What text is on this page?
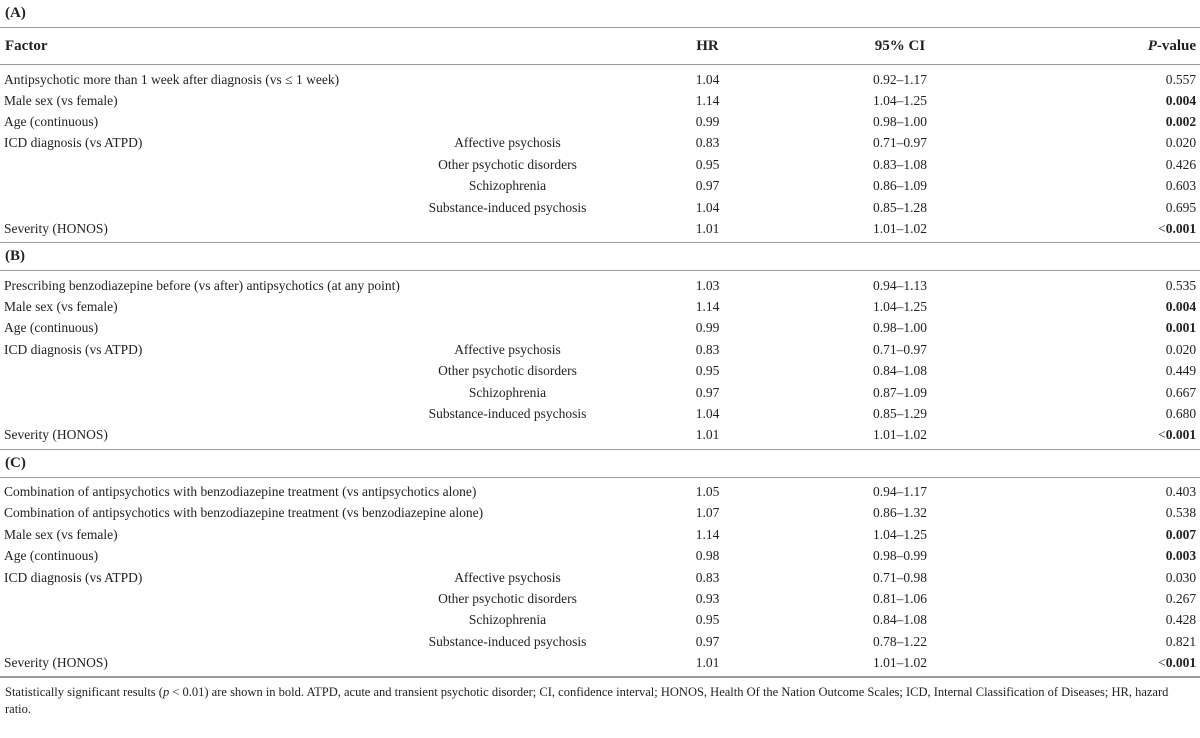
(A)				
Factor		HR	95% CI	P-value
Antipsychotic more than 1 week after diagnosis (vs ≤ 1 week)		1.04	0.92–1.17	0.557
Male sex (vs female)		1.14	1.04–1.25	0.004
Age (continuous)		0.99	0.98–1.00	0.002
ICD diagnosis (vs ATPD)	Affective psychosis	0.83	0.71–0.97	0.020
	Other psychotic disorders	0.95	0.83–1.08	0.426
	Schizophrenia	0.97	0.86–1.09	0.603
	Substance-induced psychosis	1.04	0.85–1.28	0.695
Severity (HONOS)		1.01	1.01–1.02	<0.001
(B)				
Prescribing benzodiazepine before (vs after) antipsychotics (at any point)		1.03	0.94–1.13	0.535
Male sex (vs female)		1.14	1.04–1.25	0.004
Age (continuous)		0.99	0.98–1.00	0.001
ICD diagnosis (vs ATPD)	Affective psychosis	0.83	0.71–0.97	0.020
	Other psychotic disorders	0.95	0.84–1.08	0.449
	Schizophrenia	0.97	0.87–1.09	0.667
	Substance-induced psychosis	1.04	0.85–1.29	0.680
Severity (HONOS)		1.01	1.01–1.02	<0.001
(C)				
Combination of antipsychotics with benzodiazepine treatment (vs antipsychotics alone)		1.05	0.94–1.17	0.403
Combination of antipsychotics with benzodiazepine treatment (vs benzodiazepine alone)		1.07	0.86–1.32	0.538
Male sex (vs female)		1.14	1.04–1.25	0.007
Age (continuous)		0.98	0.98–0.99	0.003
ICD diagnosis (vs ATPD)	Affective psychosis	0.83	0.71–0.98	0.030
	Other psychotic disorders	0.93	0.81–1.06	0.267
	Schizophrenia	0.95	0.84–1.08	0.428
	Substance-induced psychosis	0.97	0.78–1.22	0.821
Severity (HONOS)		1.01	1.01–1.02	<0.001
Statistically significant results (p < 0.01) are shown in bold. ATPD, acute and transient psychotic disorder; CI, confidence interval; HONOS, Health Of the Nation Outcome Scales; ICD, Internal Classification of Diseases; HR, hazard ratio.
